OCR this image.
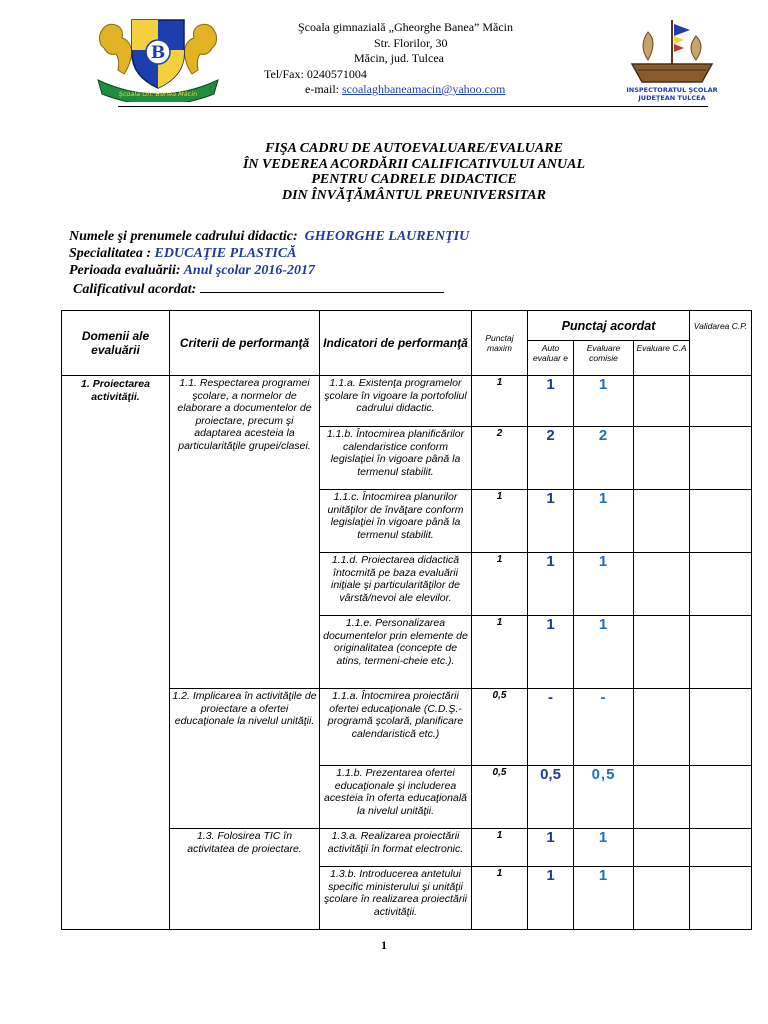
B
Şcoala Gh. Banea Măcin
Şcoala gimnazială „Gheorghe Banea” Măcin
Str. Florilor, 30
Măcin, jud. Tulcea
Tel/Fax: 0240571004
e-mail: scoalaghbaneamacin@yahoo.com	INSPECTORATUL ŞCOLAR
JUDEŢEAN TULCEA
FIŞA CADRU DE AUTOEVALUARE/EVALUARE
ÎN VEDEREA ACORDĂRII CALIFICATIVULUI ANUAL
PENTRU CADRELE DIDACTICE
DIN ÎNVĂŢĂMÂNTUL PREUNIVERSITAR
Numele şi prenumele cadrului didactic: GHEORGHE LAURENŢIU
Specialitatea : EDUCAŢIE PLASTICĂ
Perioada evaluării: Anul şcolar 2016-2017
Calificativul acordat:
Domenii ale evaluării	Criterii de performanţă	Indicatori de performanţă	Punctaj maxim	Punctaj acordat			Validarea C.P.
				Auto evaluar e	Evaluare comisie	Evaluare C.A	
1. Proiectarea activităţii.	1.1. Respectarea programei şcolare, a normelor de elaborare a documentelor de proiectare, precum şi adaptarea acesteia la particularităţile grupei/clasei.	1.1.a. Existenţa programelor şcolare în vigoare la portofoliul cadrului didactic.	1	1	1		
		1.1.b. Întocmirea planificărilor calendaristice conform legislaţiei în vigoare până la termenul stabilit.	2	2	2		
		1.1.c. Întocmirea planurilor unităţilor de învăţare conform legislaţiei în vigoare până la termenul stabilit.	1	1	1		
		1.1.d. Proiectarea didactică întocmită pe baza evaluării iniţiale şi particularităţilor de vârstă/nevoi ale elevilor.	1	1	1		
		1.1.e. Personalizarea documentelor prin elemente de originalitatea (concepte de atins, termeni-cheie etc.).	1	1	1		
	1.2. Implicarea în activităţile de proiectare a ofertei educaţionale la nivelul unităţii.	1.1.a. Întocmirea proiectării ofertei educaţionale (C.D.Ş.-programă şcolară, planificare calendaristică etc.)	0,5	-	-		
		1.1.b. Prezentarea ofertei educaţionale şi includerea acesteia în oferta educaţională la nivelul unităţii.	0,5	0,5	0,5		
	1.3. Folosirea TIC în activitatea de proiectare.	1.3.a. Realizarea proiectării activităţii în format electronic.	1	1	1		
		1.3.b. Introducerea antetului specific ministerului şi unităţii şcolare în realizarea proiectării activităţii.	1	1	1		
1
